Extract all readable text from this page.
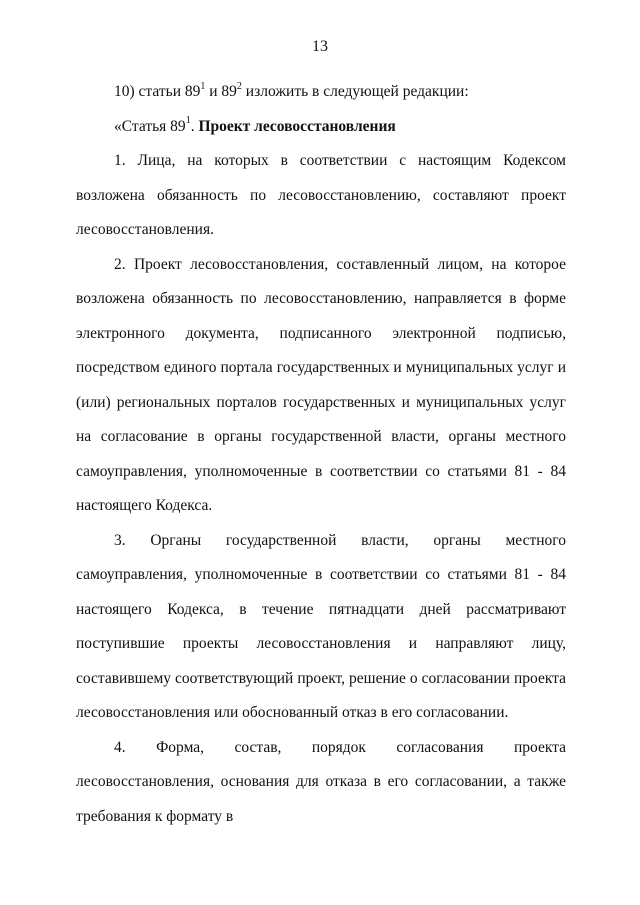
13

10) статьи $89^1$ и $89^2$ изложить в следующей редакции:

«Статья $89^1$. Проект лесовосстановления

1. Лица, на которых в соответствии с настоящим Кодексом возложена обязанность по лесовосстановлению, составляют проект лесовосстановления.

2. Проект лесовосстановления, составленный лицом, на которое возложена обязанность по лесовосстановлению, направляется в форме электронного документа, подписанного электронной подписью, посредством единого портала государственных и муниципальных услуг и (или) региональных порталов государственных и муниципальных услуг на согласование в органы государственной власти, органы местного самоуправления, уполномоченные в соответствии со статьями 81 - 84 настоящего Кодекса.

3. Органы государственной власти, органы местного самоуправления, уполномоченные в соответствии со статьями 81 - 84 настоящего Кодекса, в течение пятнадцати дней рассматривают поступившие проекты лесовосстановления и направляют лицу, составившему соответствующий проект, решение о согласовании проекта лесовосстановления или обоснованный отказ в его согласовании.

4. Форма, состав, порядок согласования проекта лесовосстановления, основания для отказа в его согласовании, а также требования к формату в
